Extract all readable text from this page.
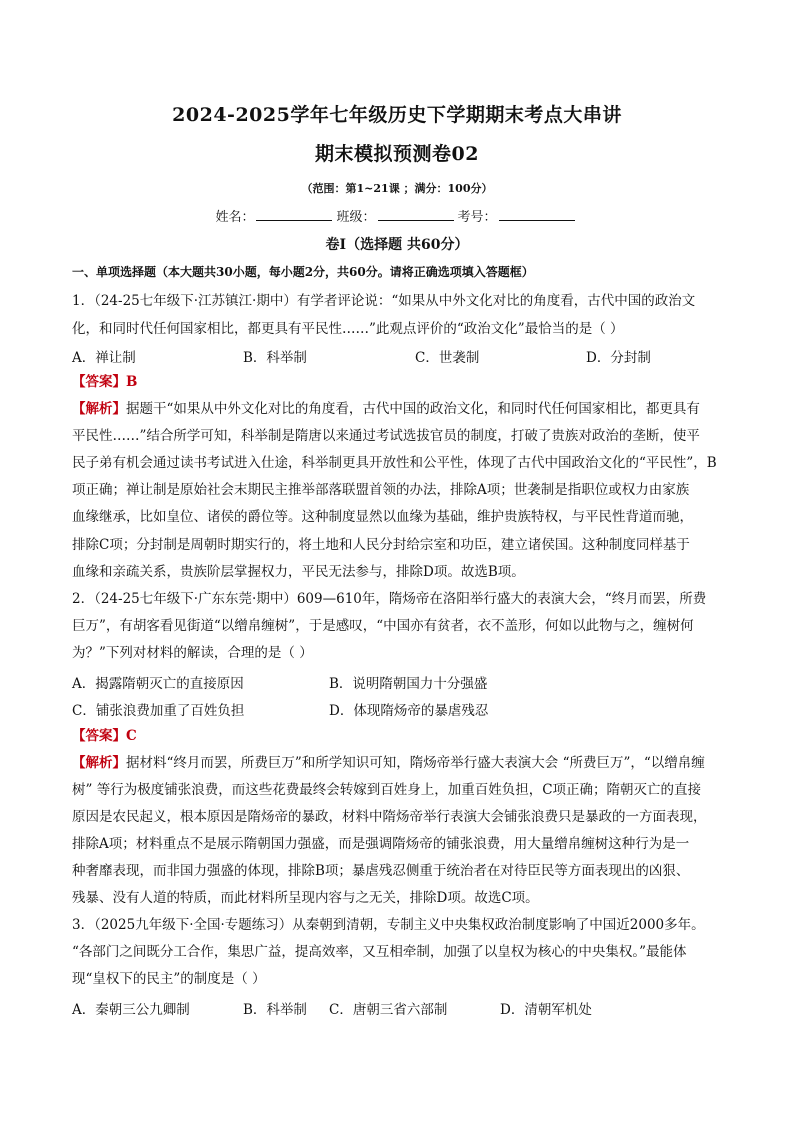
2024-2025学年七年级历史下学期期末考点大串讲
期末模拟预测卷02
（范围：第1~21课 ；满分：100分）
姓名：	班级：	考号：
卷I（选择题 共60分）
一、单项选择题（本大题共30小题，每小题2分，共60分。请将正确选项填入答题框）
1．（24-25七年级下·江苏镇江·期中）有学者评论说：“如果从中外文化对比的角度看，古代中国的政治文
化，和同时代任何国家相比，都更具有平民性……”此观点评价的“政治文化”最恰当的是（ ）
A．禅让制	B．科举制	C．世袭制	D．分封制
【答案】B
【解析】据题干“如果从中外文化对比的角度看，古代中国的政治文化，和同时代任何国家相比，都更具有
平民性……”结合所学可知，科举制是隋唐以来通过考试选拔官员的制度，打破了贵族对政治的垄断，使平
民子弟有机会通过读书考试进入仕途，科举制更具开放性和公平性，体现了古代中国政治文化的“平民性”，B
项正确；禅让制是原始社会末期民主推举部落联盟首领的办法，排除A项；世袭制是指职位或权力由家族
血缘继承，比如皇位、诸侯的爵位等。这种制度显然以血缘为基础，维护贵族特权，与平民性背道而驰，
排除C项；分封制是周朝时期实行的，将土地和人民分封给宗室和功臣，建立诸侯国。这种制度同样基于
血缘和亲疏关系，贵族阶层掌握权力，平民无法参与，排除D项。故选B项。
2．（24-25七年级下·广东东莞·期中）609—610年，隋炀帝在洛阳举行盛大的表演大会，“终月而罢，所费
巨万”，有胡客看见街道“以缯帛缠树”，于是感叹，“中国亦有贫者，衣不盖形，何如以此物与之，缠树何
为？”下列对材料的解读，合理的是（ ）
A．揭露隋朝灭亡的直接原因	B．说明隋朝国力十分强盛
C．铺张浪费加重了百姓负担	D．体现隋炀帝的暴虐残忍
【答案】C
【解析】据材料“终月而罢，所费巨万”和所学知识可知，隋炀帝举行盛大表演大会 “所费巨万”，“以缯帛缠
树” 等行为极度铺张浪费，而这些花费最终会转嫁到百姓身上，加重百姓负担，C项正确；隋朝灭亡的直接
原因是农民起义，根本原因是隋炀帝的暴政，材料中隋炀帝举行表演大会铺张浪费只是暴政的一方面表现，
排除A项；材料重点不是展示隋朝国力强盛，而是强调隋炀帝的铺张浪费，用大量缯帛缠树这种行为是一
种奢靡表现，而非国力强盛的体现，排除B项；暴虐残忍侧重于统治者在对待臣民等方面表现出的凶狠、
残暴、没有人道的特质，而此材料所呈现内容与之无关，排除D项。故选C项。
3．（2025九年级下·全国·专题练习）从秦朝到清朝，专制主义中央集权政治制度影响了中国近2000多年。
“各部门之间既分工合作，集思广益，提高效率，又互相牵制，加强了以皇权为核心的中央集权。”最能体
现“皇权下的民主”的制度是（ ）
A．秦朝三公九卿制	B．科举制 C．唐朝三省六部制	D．清朝军机处
